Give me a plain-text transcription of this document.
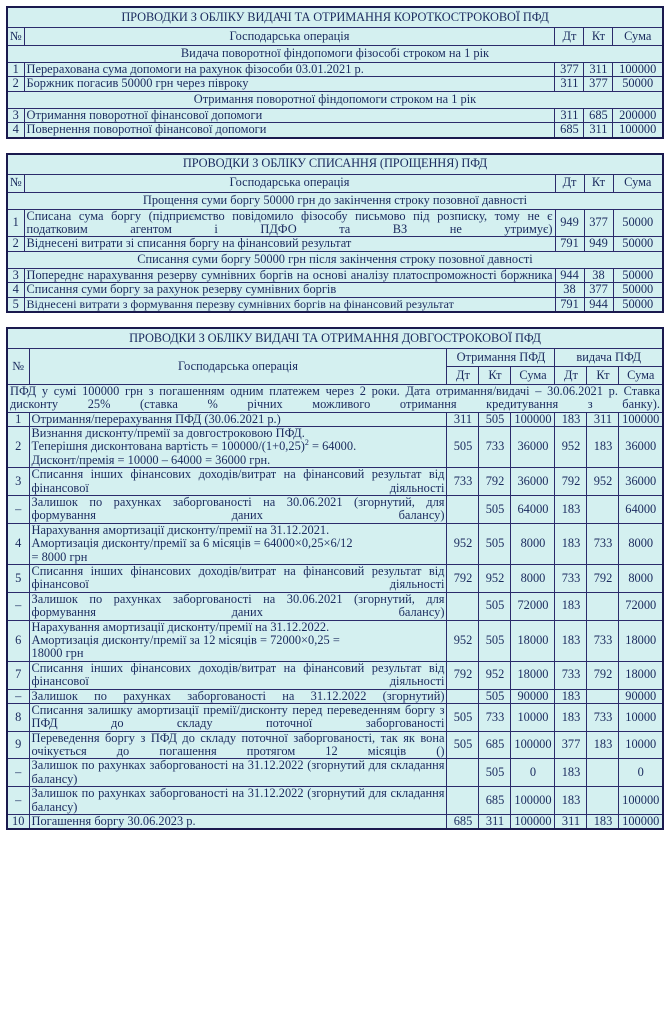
ПРОВОДКИ З ОБЛІКУ ВИДАЧІ ТА ОТРИМАННЯ КОРОТКОСТРОКОВОЇ ПФД				
№	Господарська операція	Дт	Кт	Сума
Видача поворотної фіндопомоги фізособі строком на 1 рік				
1	Перерахована сума допомоги на рахунок фізособи 03.01.2021 р.	377	311	100000
2	Боржник погасив 50000 грн через півроку	311	377	50000
Отримання поворотної фіндопомоги строком на 1 рік				
3	Отримання поворотної фінансової допомоги	311	685	200000
4	Повернення поворотної фінансової допомоги	685	311	100000
ПРОВОДКИ З ОБЛІКУ СПИСАННЯ (ПРОЩЕННЯ) ПФД				
№	Господарська операція	Дт	Кт	Сума
Прощення суми боргу 50000 грн до закінчення строку позовної давності				
1	Списана сума боргу (підприємство повідомило фізособу письмово під розписку, тому не є податковим агентом і ПДФО та ВЗ не утримує)	949	377	50000
2	Віднесені витрати зі списання боргу на фінансовий результат	791	949	50000
Списання суми боргу 50000 грн після закінчення строку позовної давності				
3	Попереднє нарахування резерву сумнівних боргів на основі аналізу платоспроможності боржника	944	38	50000
4	Списання суми боргу за рахунок резерву сумнівних боргів	38	377	50000
5	Віднесені витрати з формування перезву сумнівних боргів на фінансовий результат	791	944	50000
ПРОВОДКИ З ОБЛІКУ ВИДАЧІ ТА ОТРИМАННЯ ДОВГОСТРОКОВОЇ ПФД							
№	Господарська операція	Отримання ПФД			видача ПФД		
		Дт	Кт	Сума	Дт	Кт	Сума
ПФД у сумі 100000 грн з погашенням одним платежем через 2 роки. Дата отримання/видачі – 30.06.2021 р. Ставка дисконту 25% (ставка % річних можливого отримання кредитування з банку).							
1	Отримання/перерахування ПФД (30.06.2021 р.)	311	505	100000	183	311	100000
2	Визнання дисконту/премії за довгостроковою ПФД.
Теперішня дисконтована вартість = $100000/(1+0,25)^2 = 64000$.
Дисконт/премія = 10000 – 64000 = 36000 грн.	505	733	36000	952	183	36000
3	Списання інших фінансових доходів/витрат на фінансовий результат від фінансової діяльності	733	792	36000	792	952	36000
–	Залишок по рахунках заборгованості на 30.06.2021 (згорнутий, для формування даних балансу)		505	64000	183		64000
4	Нарахування амортизації дисконту/премії на 31.12.2021.
Амортизація дисконту/премії за 6 місяців = 64000×0,25×6/12
= 8000 грн	952	505	8000	183	733	8000
5	Списання інших фінансових доходів/витрат на фінансовий результат від фінансової діяльності	792	952	8000	733	792	8000
–	Залишок по рахунках заборгованості на 30.06.2021 (згорнутий, для формування даних балансу)		505	72000	183		72000
6	Нарахування амортизації дисконту/премії на 31.12.2022.
Амортизація дисконту/премії за 12 місяців = 72000×0,25 =
18000 грн	952	505	18000	183	733	18000
7	Списання інших фінансових доходів/витрат на фінансовий результат від фінансової діяльності	792	952	18000	733	792	18000
–	Залишок по рахунках заборгованості на 31.12.2022 (згорнутий)		505	90000	183		90000
8	Списання залишку амортизації премії/дисконту перед переведенням боргу з ПФД до складу поточної заборгованості	505	733	10000	183	733	10000
9	Переведення боргу з ПФД до складу поточної заборгованості, так як вона очікується до погашення протягом 12 місяців ()	505	685	100000	377	183	10000
–	Залишок по рахунках заборгованості на 31.12.2022 (згорнутий для складання балансу)		505	0	183		0
–	Залишок по рахунках заборгованості на 31.12.2022 (згорнутий для складання балансу)		685	100000	183		100000
10	Погашення боргу 30.06.2023 р.	685	311	100000	311	183	100000
